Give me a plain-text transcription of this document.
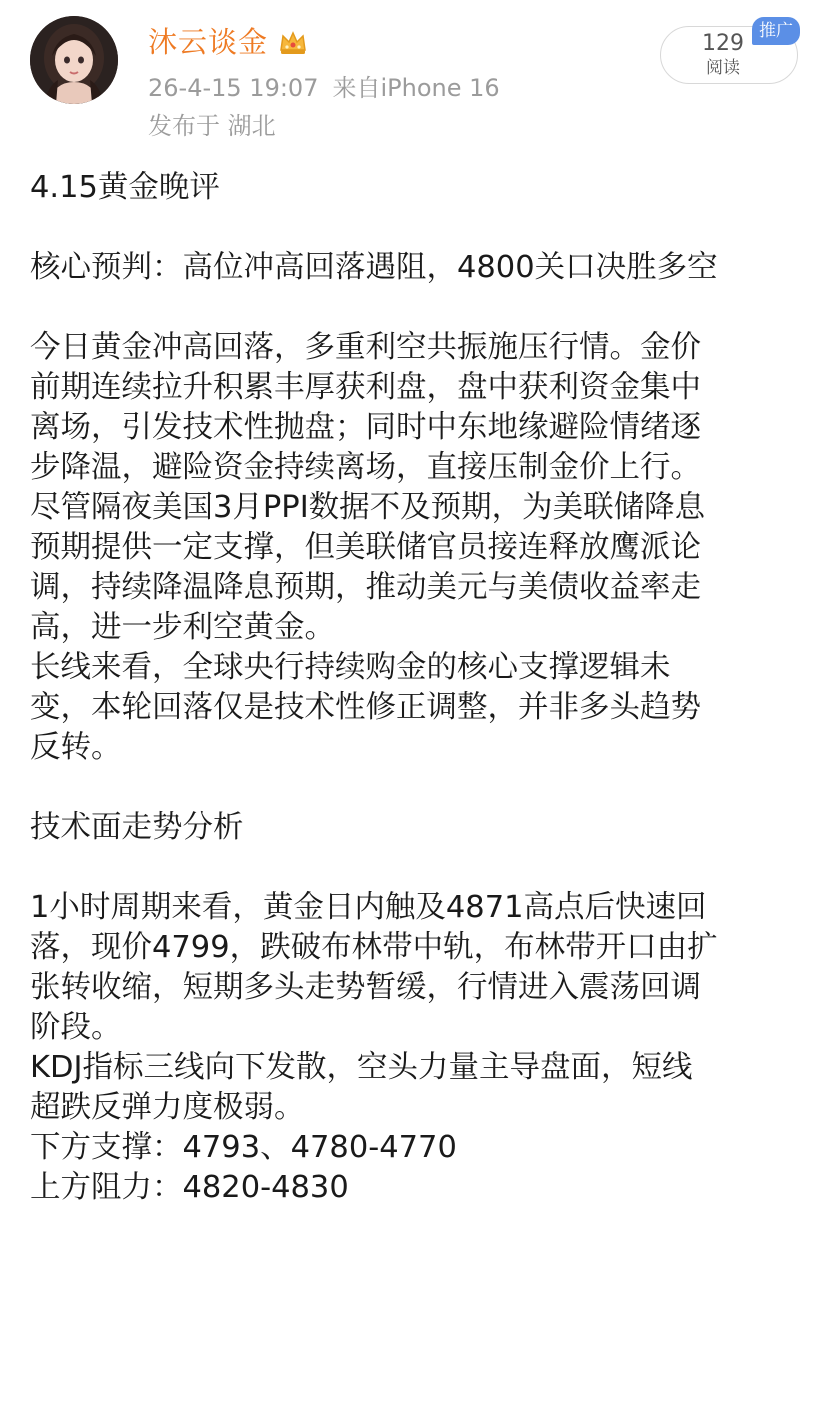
沐云谈金
26-4-15 19:07 来自iPhone 16
发布于 湖北
129
阅读
推广
4.15黄金晚评
核心预判：高位冲高回落遇阻，4800关口决胜多空
今日黄金冲高回落，多重利空共振施压行情。金价
前期连续拉升积累丰厚获利盘，盘中获利资金集中
离场，引发技术性抛盘；同时中东地缘避险情绪逐
步降温，避险资金持续离场，直接压制金价上行。
尽管隔夜美国3月PPI数据不及预期，为美联储降息
预期提供一定支撑，但美联储官员接连释放鹰派论
调，持续降温降息预期，推动美元与美债收益率走
高，进一步利空黄金。
长线来看，全球央行持续购金的核心支撑逻辑未
变，本轮回落仅是技术性修正调整，并非多头趋势
反转。
技术面走势分析
1小时周期来看，黄金日内触及4871高点后快速回
落，现价4799，跌破布林带中轨，布林带开口由扩
张转收缩，短期多头走势暂缓，行情进入震荡回调
阶段。
KDJ指标三线向下发散，空头力量主导盘面，短线
超跌反弹力度极弱。
下方支撑：4793、4780-4770
上方阻力：4820-4830
